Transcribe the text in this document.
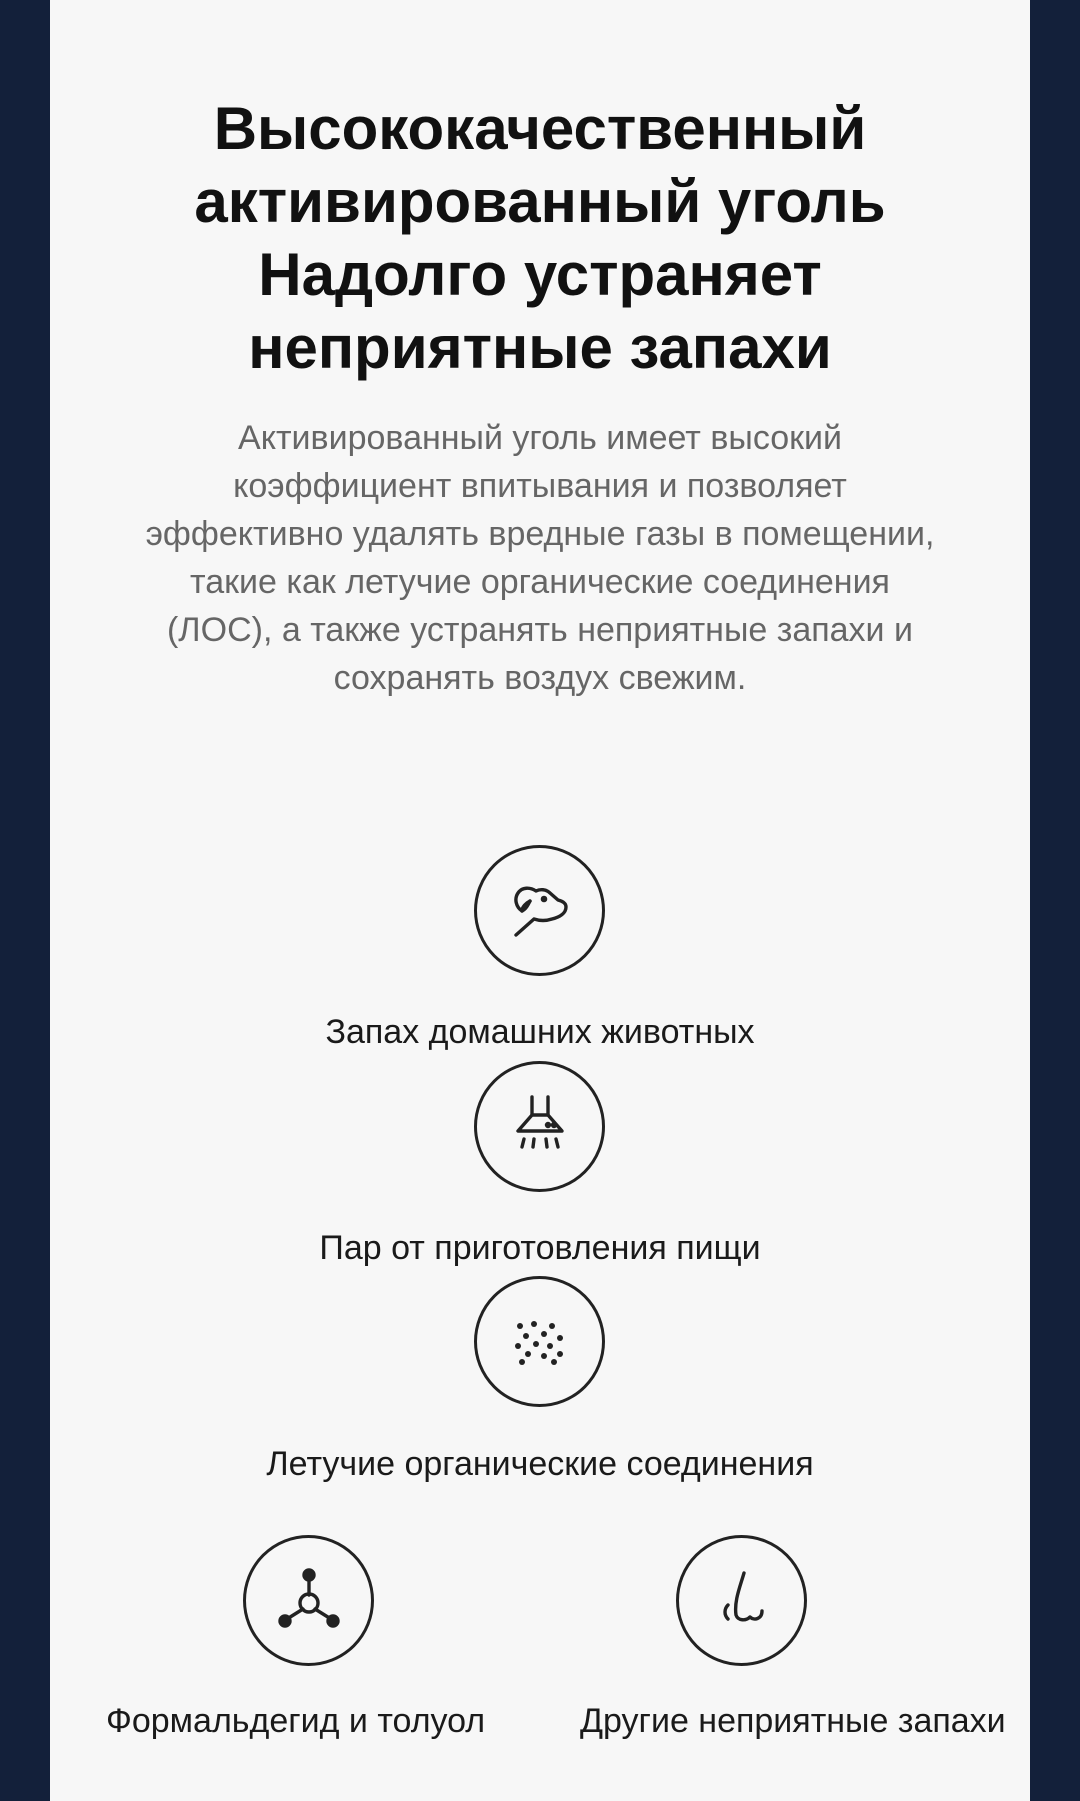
Высококачественный
активированный уголь
Надолго устраняет
неприятные запахи

Активированный уголь имеет высокий коэффициент впитывания и позволяет эффективно удалять вредные газы в помещении, такие как летучие органические соединения (ЛОС), а также устранять неприятные запахи и сохранять воздух свежим.

Запах домашних животных
Пар от приготовления пищи
Летучие органические соединения
Формальдегид и толуол	Другие неприятные запахи
